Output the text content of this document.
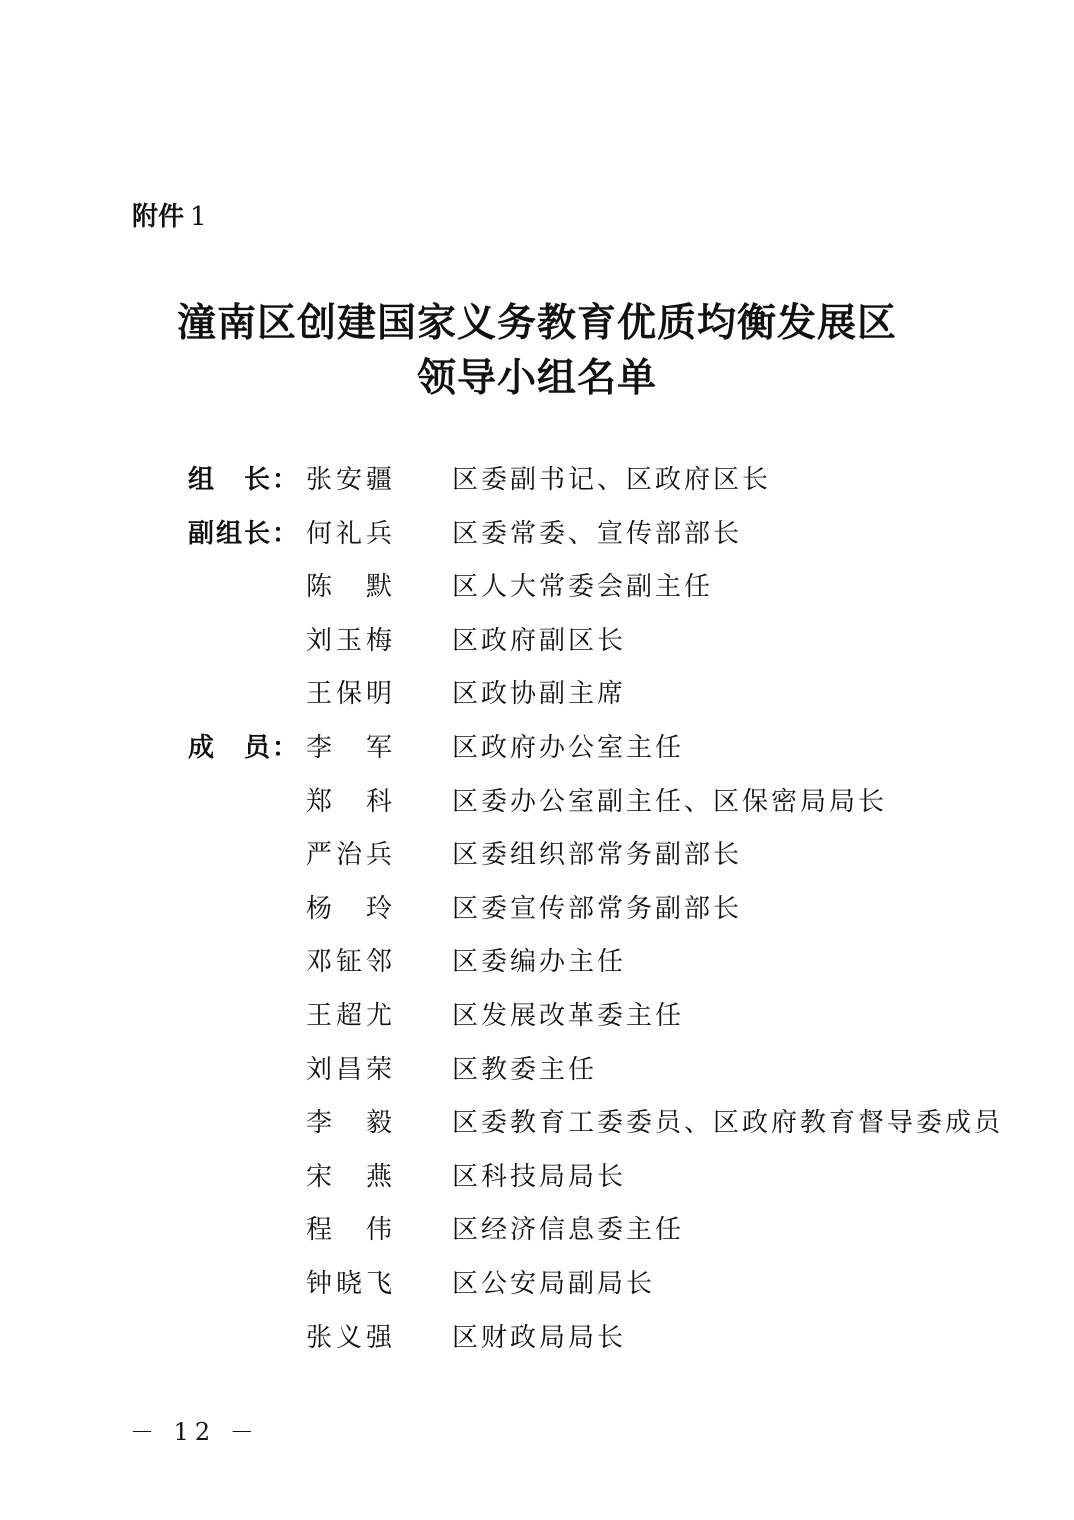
附件 1
潼南区创建国家义务教育优质均衡发展区
领导小组名单
组　长： 张安疆	区委副书记、区政府区长
副组长： 何礼兵	区委常委、宣传部部长
陈　默	区人大常委会副主任
刘玉梅	区政府副区长
王保明	区政协副主席
成　员： 李　军	区政府办公室主任
郑　科	区委办公室副主任、区保密局局长
严治兵	区委组织部常务副部长
杨　玲	区委宣传部常务副部长
邓钲邻	区委编办主任
王超尤	区发展改革委主任
刘昌荣	区教委主任
李　毅	区委教育工委委员、区政府教育督导委成员
宋　燕	区科技局局长
程　伟	区经济信息委主任
钟晓飞	区公安局副局长
张义强	区财政局局长
－ 12 －
